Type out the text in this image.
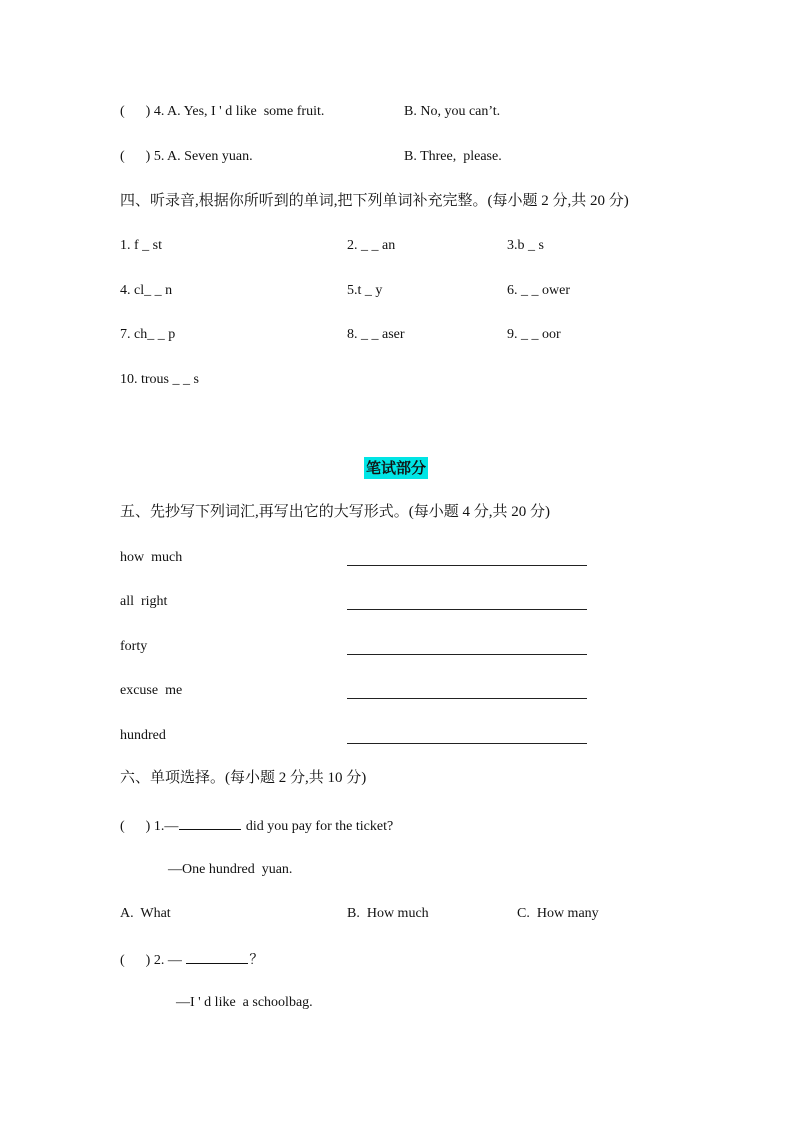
(      ) 4. A. Yes, I ' d like  some fruit.	B. No, you can’t.
(      ) 5. A. Seven yuan.	B. Three,  please.
四、听录音,根据你所听到的单词,把下列单词补充完整。(每小题 2 分,共 20 分)
1. f _ st	2. _ _ an	3.b _ s
4. cl_ _ n	5.t _ y	6. _ _ ower
7. ch_ _ p	8. _ _ aser	9. _ _ oor
10. trous _ _ s
笔试部分
五、先抄写下列词汇,再写出它的大写形式。(每小题 4 分,共 20 分)
how  much
all  right
forty
excuse  me
hundred
六、单项选择。(每小题 2 分,共 10 分)
(      ) 1.—	did you pay for the ticket?
—One hundred  yuan.
A.  What	B.  How much	C.  How many
(      ) 2. —	？
—I ' d like  a schoolbag.
